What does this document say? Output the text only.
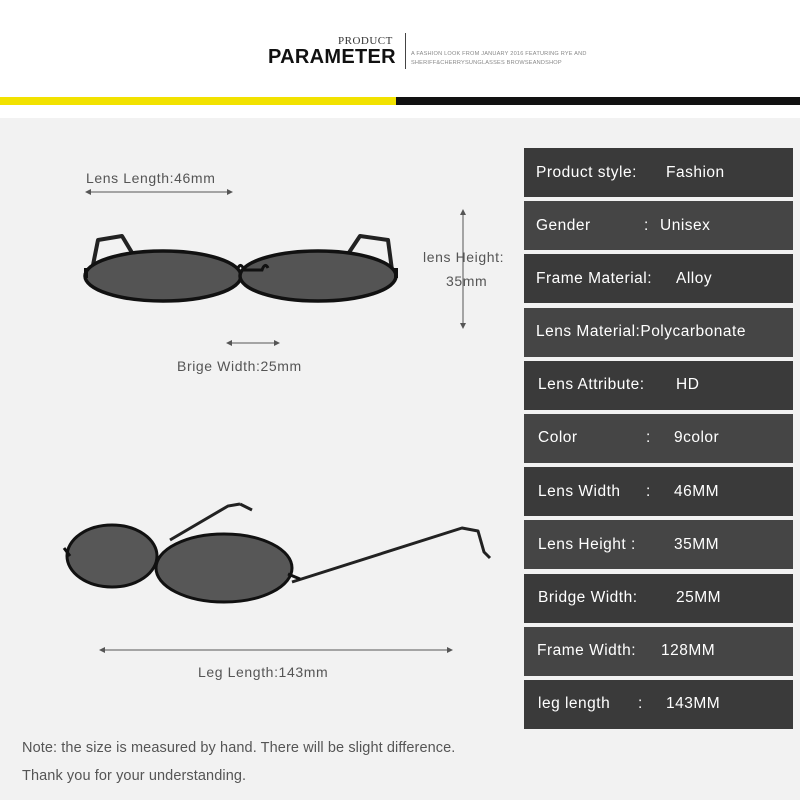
PRODUCT
PARAMETER	A FASHION LOOK FROM JANUARY 2016 FEATURING RYE AND SHERIFF&CHERRYSUNGLASSES BROWSEANDSHOP
Lens Length:46mm
lens Height:
35mm
Brige Width:25mm
Leg Length:143mm
Product style: Fashion
Gender	: Unisex
Frame Material: Alloy
Lens Material:Polycarbonate
Lens Attribute: HD
Color	: 9color
Lens Width : 46MM
Lens Height : 35MM
Bridge Width: 25MM
Frame Width: 128MM
leg length : 143MM
Note: the size is measured by hand. There will be slight difference.
Thank you for your understanding.
